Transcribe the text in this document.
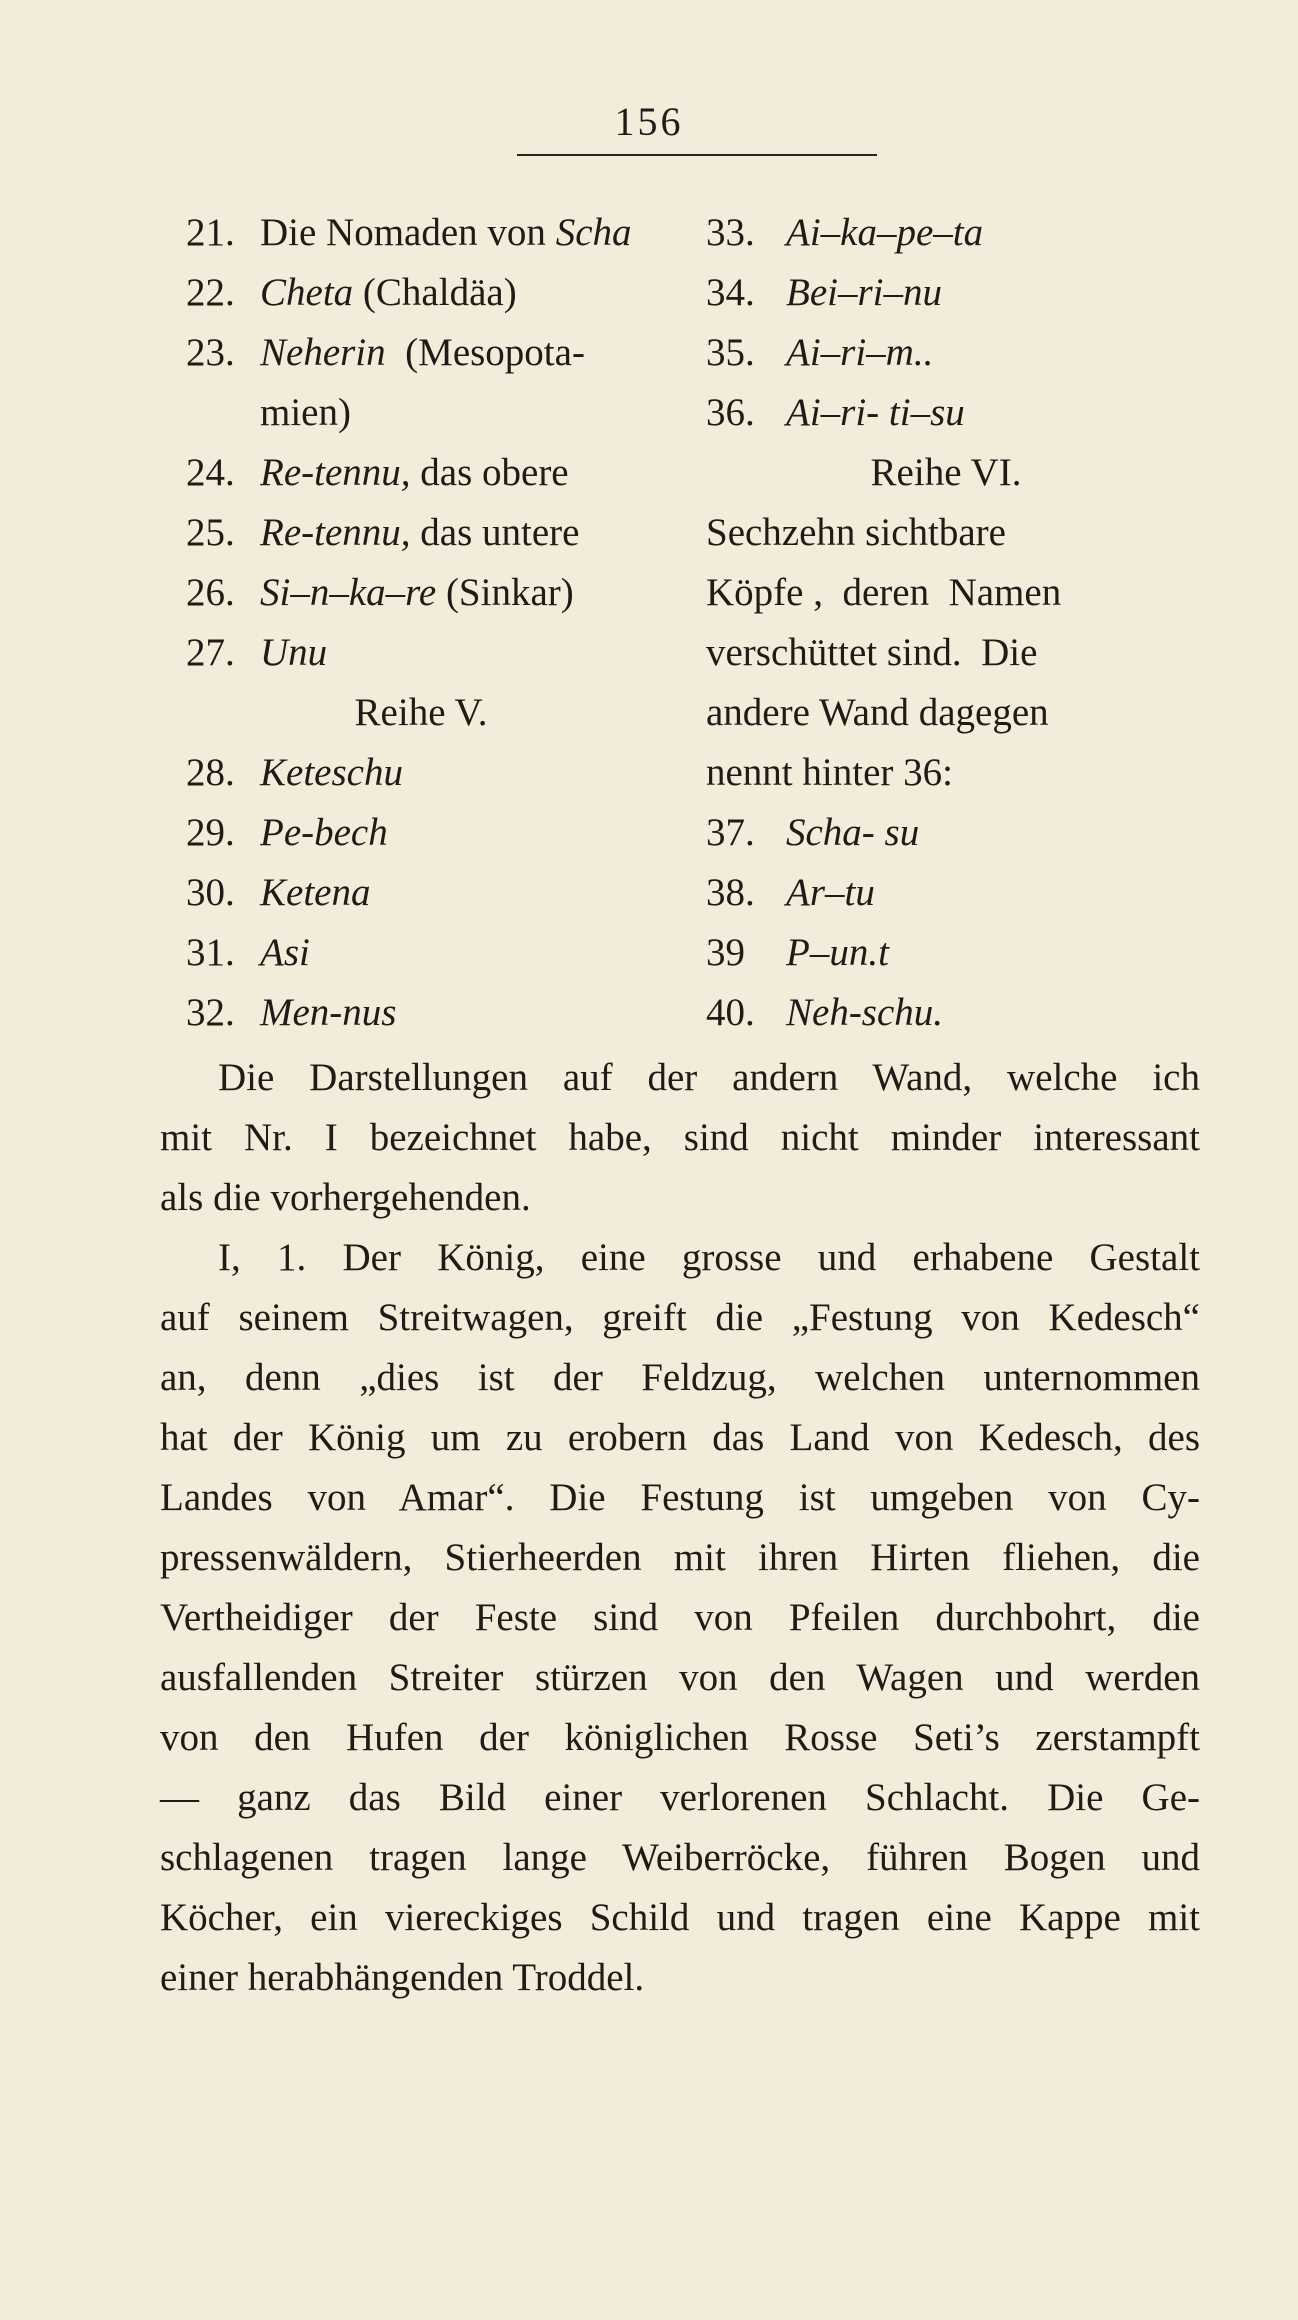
156
21. Die Nomaden von Scha
22. Cheta (Chaldäa)
23. Neherin  (Mesopota-
mien)
24. Re-tennu, das obere
25. Re-tennu, das untere
26. Si–n–ka–re (Sinkar)
27. Unu
Reihe V.
28. Keteschu
29. Pe-bech
30. Ketena
31. Asi
32. Men-nus
33. Ai–ka–pe–ta
34. Bei–ri–nu
35. Ai–ri–m..
36. Ai–ri- ti–su
Reihe VI.
Sechzehn sichtbare
Köpfe ,  deren  Namen
verschüttet sind.  Die
andere Wand dagegen
nennt hinter 36:
37. Scha- su
38. Ar–tu
39	P–un.t
40. Neh-schu.
Die Darstellungen auf der andern Wand, welche ich
mit Nr. I bezeichnet habe, sind nicht minder interessant
als die vorhergehenden.
I, 1. Der König, eine grosse und erhabene Gestalt
auf seinem Streitwagen, greift die „Festung von Kedesch“
an, denn „dies ist der Feldzug, welchen unternommen
hat der König um zu erobern das Land von Kedesch, des
Landes von Amar“. Die Festung ist umgeben von Cy-
pressenwäldern, Stierheerden mit ihren Hirten fliehen, die
Vertheidiger der Feste sind von Pfeilen durchbohrt, die
ausfallenden Streiter stürzen von den Wagen und werden
von den Hufen der königlichen Rosse Seti’s zerstampft
— ganz das Bild einer verlorenen Schlacht. Die Ge-
schlagenen tragen lange Weiberröcke, führen Bogen und
Köcher, ein viereckiges Schild und tragen eine Kappe mit
einer herabhängenden Troddel.
